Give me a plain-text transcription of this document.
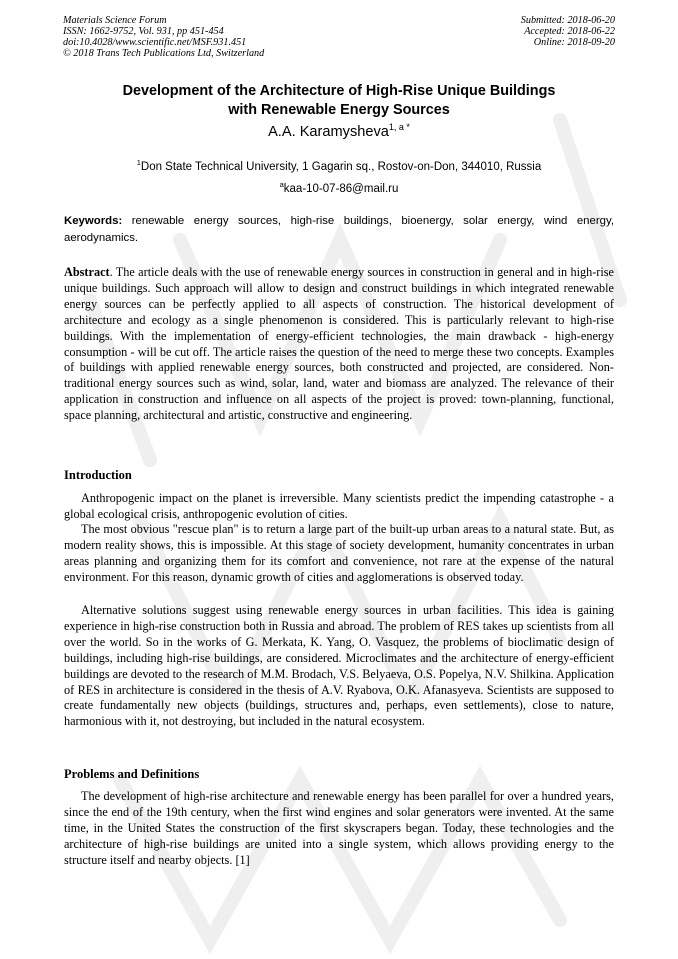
Materials Science Forum
ISSN: 1662-9752, Vol. 931, pp 451-454
doi:10.4028/www.scientific.net/MSF.931.451
© 2018 Trans Tech Publications Ltd, Switzerland
Submitted: 2018-06-20
Accepted: 2018-06-22
Online: 2018-09-20
Development of the Architecture of High-Rise Unique Buildings
with Renewable Energy Sources
A.A. Karamysheva$^{1, a *}$
$^1$Don State Technical University, 1 Gagarin sq., Rostov-on-Don, 344010, Russia
$^a$kaa-10-07-86@mail.ru
Keywords: renewable energy sources, high-rise buildings, bioenergy, solar energy, wind energy, aerodynamics.
Abstract. The article deals with the use of renewable energy sources in construction in general and in high-rise unique buildings. Such approach will allow to design and construct buildings in which integrated renewable energy sources can be perfectly applied to all aspects of construction. The historical development of architecture and ecology as a single phenomenon is considered. This is particularly relevant to high-rise buildings. With the implementation of energy-efficient technologies, the main drawback - high-energy consumption - will be cut off. The article raises the question of the need to merge these two concepts. Examples of buildings with applied renewable energy sources, both constructed and projected, are considered. Non-traditional energy sources such as wind, solar, land, water and biomass are analyzed. The relevance of their application in construction and influence on all aspects of the project is proved: town-planning, functional, space planning, architectural and artistic, constructive and engineering.
Introduction
Anthropogenic impact on the planet is irreversible. Many scientists predict the impending catastrophe - a global ecological crisis, anthropogenic evolution of cities.
The most obvious "rescue plan" is to return a large part of the built-up urban areas to a natural state. But, as modern reality shows, this is impossible. At this stage of society development, humanity concentrates in urban areas planning and organizing them for its comfort and convenience, not rare at the expense of the natural environment. For this reason, dynamic growth of cities and agglomerations is observed today.
Alternative solutions suggest using renewable energy sources in urban facilities. This idea is gaining experience in high-rise construction both in Russia and abroad. The problem of RES takes up scientists from all over the world. So in the works of G. Merkata, K. Yang, O. Vasquez, the problems of bioclimatic design of buildings, including high-rise buildings, are considered. Microclimates and the architecture of energy-efficient buildings are devoted to the research of M.M. Brodach, V.S. Belyaeva, O.S. Popelya, N.V. Shilkina. Application of RES in architecture is considered in the thesis of A.V. Ryabova, O.K. Afanasyeva. Scientists are supposed to create fundamentally new objects (buildings, structures and, perhaps, even settlements), close to nature, harmonious with it, not destroying, but included in the natural ecosystem.
Problems and Definitions
The development of high-rise architecture and renewable energy has been parallel for over a hundred years, since the end of the 19th century, when the first wind engines and solar generators were invented. At the same time, in the United States the construction of the first skyscrapers began. Today, these technologies and the architecture of high-rise buildings are united into a single system, which allows providing energy to the structure itself and nearby objects. [1]
